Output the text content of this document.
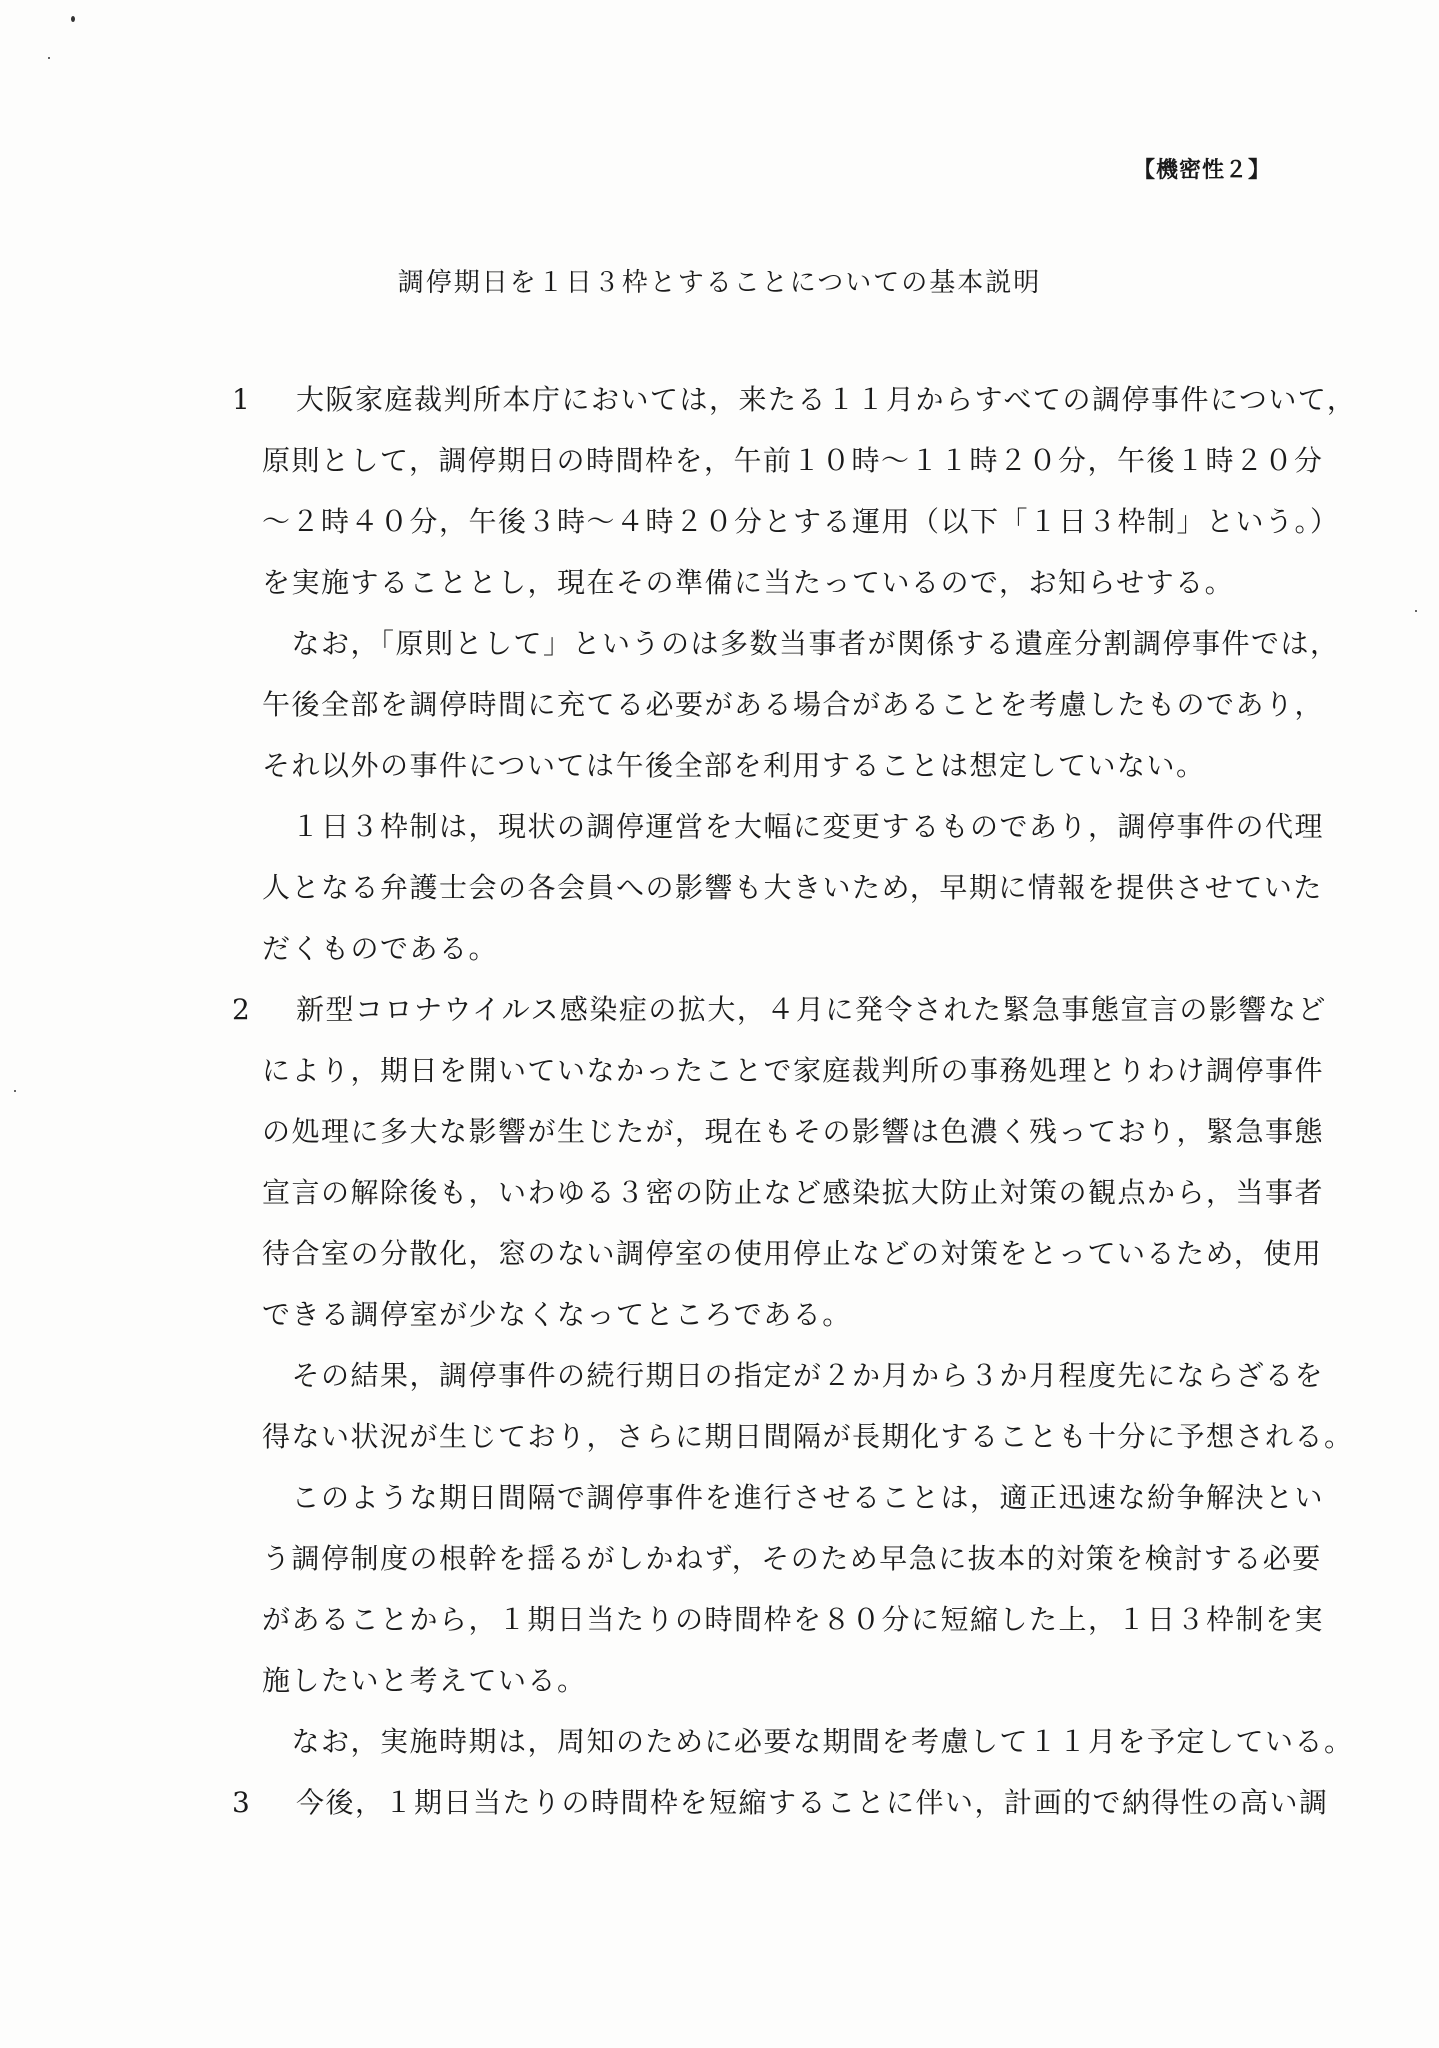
【機密性２】
調停期日を１日３枠とすることについての基本説明
1 大阪家庭裁判所本庁においては，来たる１１月からすべての調停事件について，
原則として，調停期日の時間枠を，午前１０時～１１時２０分，午後１時２０分
～２時４０分，午後３時～４時２０分とする運用（以下「１日３枠制」という。）
を実施することとし，現在その準備に当たっているので，お知らせする。
　なお，「原則として」というのは多数当事者が関係する遺産分割調停事件では，
午後全部を調停時間に充てる必要がある場合があることを考慮したものであり，
それ以外の事件については午後全部を利用することは想定していない。
　１日３枠制は，現状の調停運営を大幅に変更するものであり，調停事件の代理
人となる弁護士会の各会員への影響も大きいため，早期に情報を提供させていた
だくものである。
2 新型コロナウイルス感染症の拡大，４月に発令された緊急事態宣言の影響など
により，期日を開いていなかったことで家庭裁判所の事務処理とりわけ調停事件
の処理に多大な影響が生じたが，現在もその影響は色濃く残っており，緊急事態
宣言の解除後も，いわゆる３密の防止など感染拡大防止対策の観点から，当事者
待合室の分散化，窓のない調停室の使用停止などの対策をとっているため，使用
できる調停室が少なくなってところである。
　その結果，調停事件の続行期日の指定が２か月から３か月程度先にならざるを
得ない状況が生じており，さらに期日間隔が長期化することも十分に予想される。
　このような期日間隔で調停事件を進行させることは，適正迅速な紛争解決とい
う調停制度の根幹を揺るがしかねず，そのため早急に抜本的対策を検討する必要
があることから，１期日当たりの時間枠を８０分に短縮した上，１日３枠制を実
施したいと考えている。
　なお，実施時期は，周知のために必要な期間を考慮して１１月を予定している。
3 今後，１期日当たりの時間枠を短縮することに伴い，計画的で納得性の高い調
